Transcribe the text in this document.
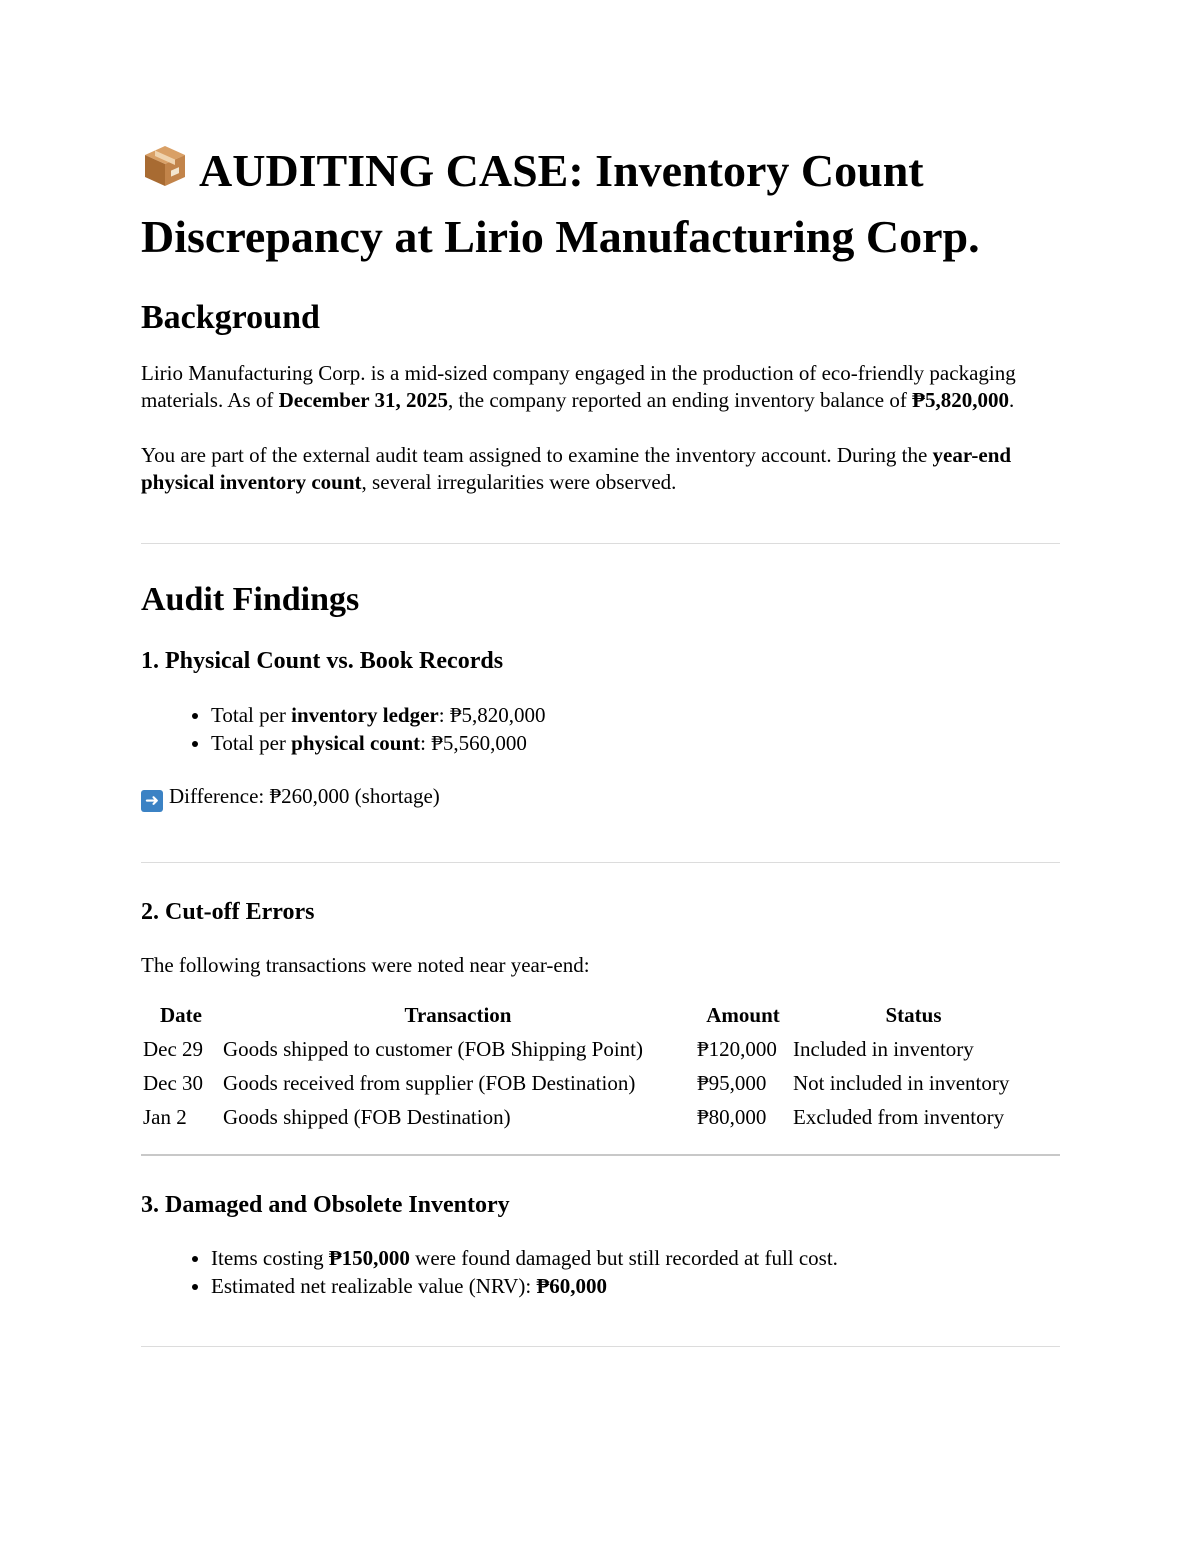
AUDITING CASE: Inventory Count Discrepancy at Lirio Manufacturing Corp.
Background

Lirio Manufacturing Corp. is a mid-sized company engaged in the production of eco-friendly packaging materials. As of December 31, 2025, the company reported an ending inventory balance of ₱5,820,000.

You are part of the external audit team assigned to examine the inventory account. During the year-end physical inventory count, several irregularities were observed.

Audit Findings
1. Physical Count vs. Book Records
• Total per inventory ledger: ₱5,820,000
• Total per physical count: ₱5,560,000

➜ Difference: ₱260,000 (shortage)

2. Cut-off Errors

The following transactions were noted near year-end:

Date	Transaction	Amount	Status
Dec 29	Goods shipped to customer (FOB Shipping Point)	₱120,000	Included in inventory
Dec 30	Goods received from supplier (FOB Destination)	₱95,000	Not included in inventory
Jan 2	Goods shipped (FOB Destination)	₱80,000	Excluded from inventory
3. Damaged and Obsolete Inventory
• Items costing ₱150,000 were found damaged but still recorded at full cost.
• Estimated net realizable value (NRV): ₱60,000
